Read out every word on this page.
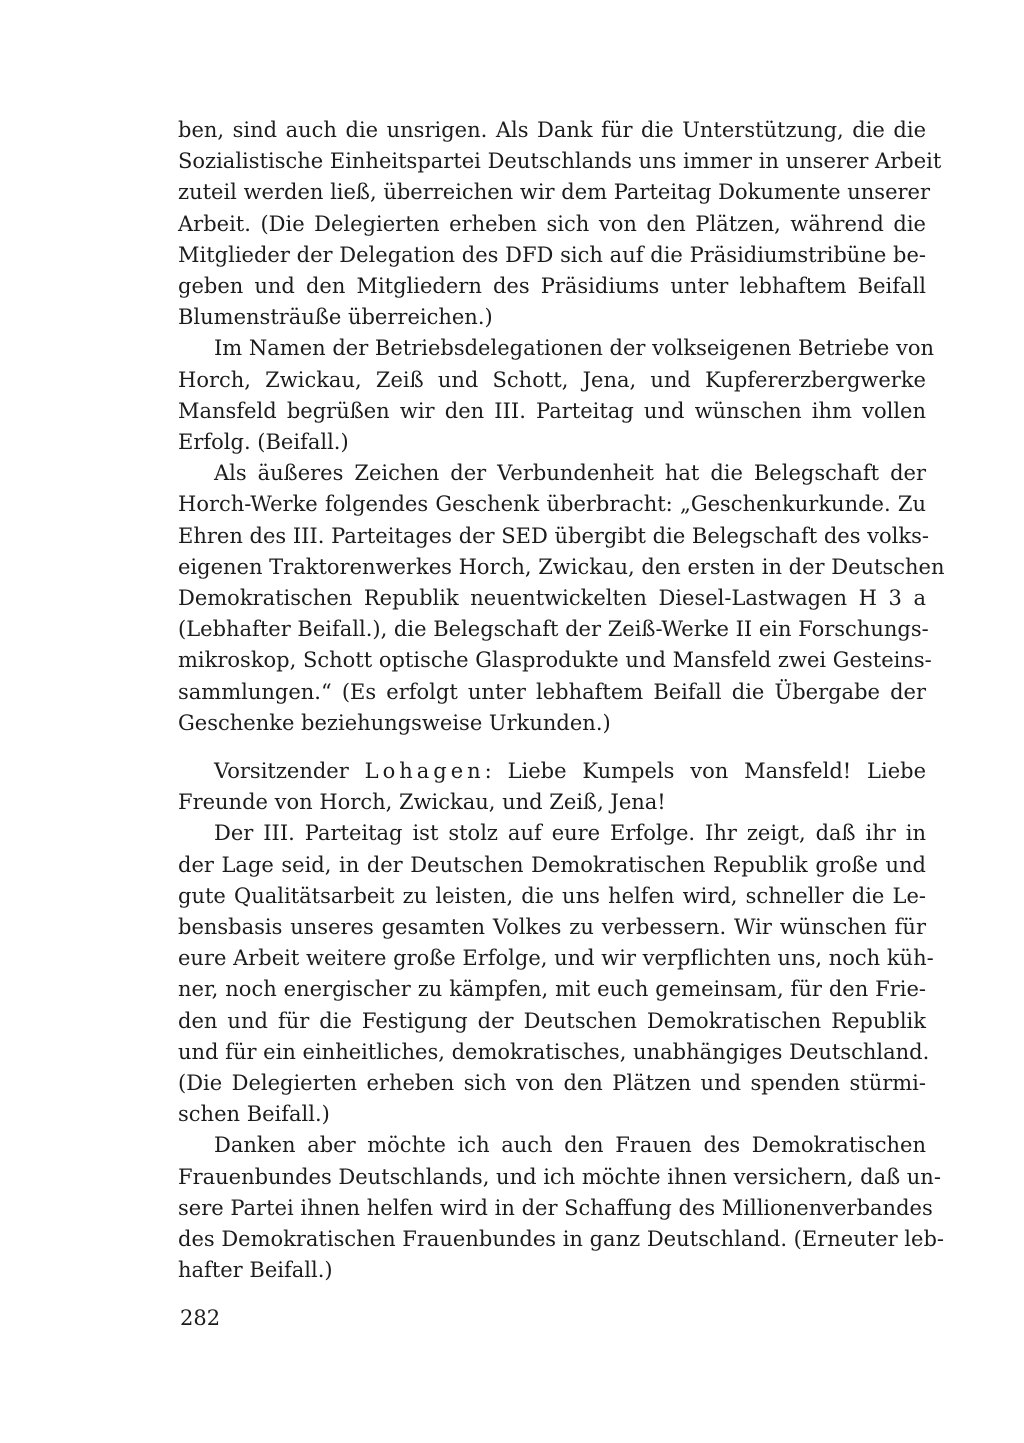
ben, sind auch die unsrigen. Als Dank für die Unterstützung, die die
Sozialistische Einheitspartei Deutschlands uns immer in unserer Arbeit
zuteil werden ließ, überreichen wir dem Parteitag Dokumente unserer
Arbeit. (Die Delegierten erheben sich von den Plätzen, während die
Mitglieder der Delegation des DFD sich auf die Präsidiumstribüne be-
geben und den Mitgliedern des Präsidiums unter lebhaftem Beifall
Blumensträuße überreichen.)

Im Namen der Betriebsdelegationen der volkseigenen Betriebe von
Horch, Zwickau, Zeiß und Schott, Jena, und Kupfererzbergwerke
Mansfeld begrüßen wir den III. Parteitag und wünschen ihm vollen
Erfolg. (Beifall.)

Als äußeres Zeichen der Verbundenheit hat die Belegschaft der
Horch-Werke folgendes Geschenk überbracht: „Geschenkurkunde. Zu
Ehren des III. Parteitages der SED übergibt die Belegschaft des volks-
eigenen Traktorenwerkes Horch, Zwickau, den ersten in der Deutschen
Demokratischen Republik neuentwickelten Diesel-Lastwagen H 3 a
(Lebhafter Beifall.), die Belegschaft der Zeiß-Werke II ein Forschungs-
mikroskop, Schott optische Glasprodukte und Mansfeld zwei Gesteins-
sammlungen.“ (Es erfolgt unter lebhaftem Beifall die Übergabe der
Geschenke beziehungsweise Urkunden.)

Vorsitzender Lohagen: Liebe Kumpels von Mansfeld! Liebe
Freunde von Horch, Zwickau, und Zeiß, Jena!

Der III. Parteitag ist stolz auf eure Erfolge. Ihr zeigt, daß ihr in
der Lage seid, in der Deutschen Demokratischen Republik große und
gute Qualitätsarbeit zu leisten, die uns helfen wird, schneller die Le-
bensbasis unseres gesamten Volkes zu verbessern. Wir wünschen für
eure Arbeit weitere große Erfolge, und wir verpflichten uns, noch küh-
ner, noch energischer zu kämpfen, mit euch gemeinsam, für den Frie-
den und für die Festigung der Deutschen Demokratischen Republik
und für ein einheitliches, demokratisches, unabhängiges Deutschland.
(Die Delegierten erheben sich von den Plätzen und spenden stürmi-
schen Beifall.)

Danken aber möchte ich auch den Frauen des Demokratischen
Frauenbundes Deutschlands, und ich möchte ihnen versichern, daß un-
sere Partei ihnen helfen wird in der Schaffung des Millionenverbandes
des Demokratischen Frauenbundes in ganz Deutschland. (Erneuter leb-
hafter Beifall.)

282
